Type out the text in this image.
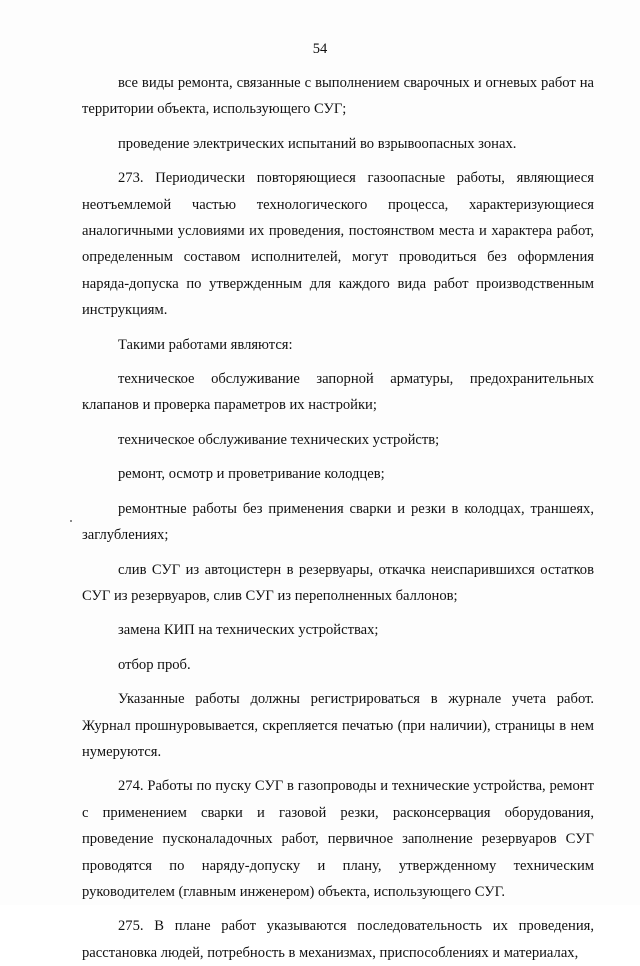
54

все виды ремонта, связанные с выполнением сварочных и огневых работ на территории объекта, использующего СУГ;

проведение электрических испытаний во взрывоопасных зонах.

273. Периодически повторяющиеся газоопасные работы, являющиеся неотъемлемой частью технологического процесса, характеризующиеся аналогичными условиями их проведения, постоянством места и характера работ, определенным составом исполнителей, могут проводиться без оформления наряда-допуска по утвержденным для каждого вида работ производственным инструкциям.

Такими работами являются:

техническое обслуживание запорной арматуры, предохранительных клапанов и проверка параметров их настройки;

техническое обслуживание технических устройств;

ремонт, осмотр и проветривание колодцев;

ремонтные работы без применения сварки и резки в колодцах, траншеях, заглублениях;

слив СУГ из автоцистерн в резервуары, откачка неиспарившихся остатков СУГ из резервуаров, слив СУГ из переполненных баллонов;

замена КИП на технических устройствах;

отбор проб.

Указанные работы должны регистрироваться в журнале учета работ. Журнал прошнуровывается, скрепляется печатью (при наличии), страницы в нем нумеруются.

274. Работы по пуску СУГ в газопроводы и технические устройства, ремонт с применением сварки и газовой резки, расконсервация оборудования, проведение пусконаладочных работ, первичное заполнение резервуаров СУГ проводятся по наряду-допуску и плану, утвержденному техническим руководителем (главным инженером) объекта, использующего СУГ.

275. В плане работ указываются последовательность их проведения, расстановка людей, потребность в механизмах, приспособлениях и материалах,
